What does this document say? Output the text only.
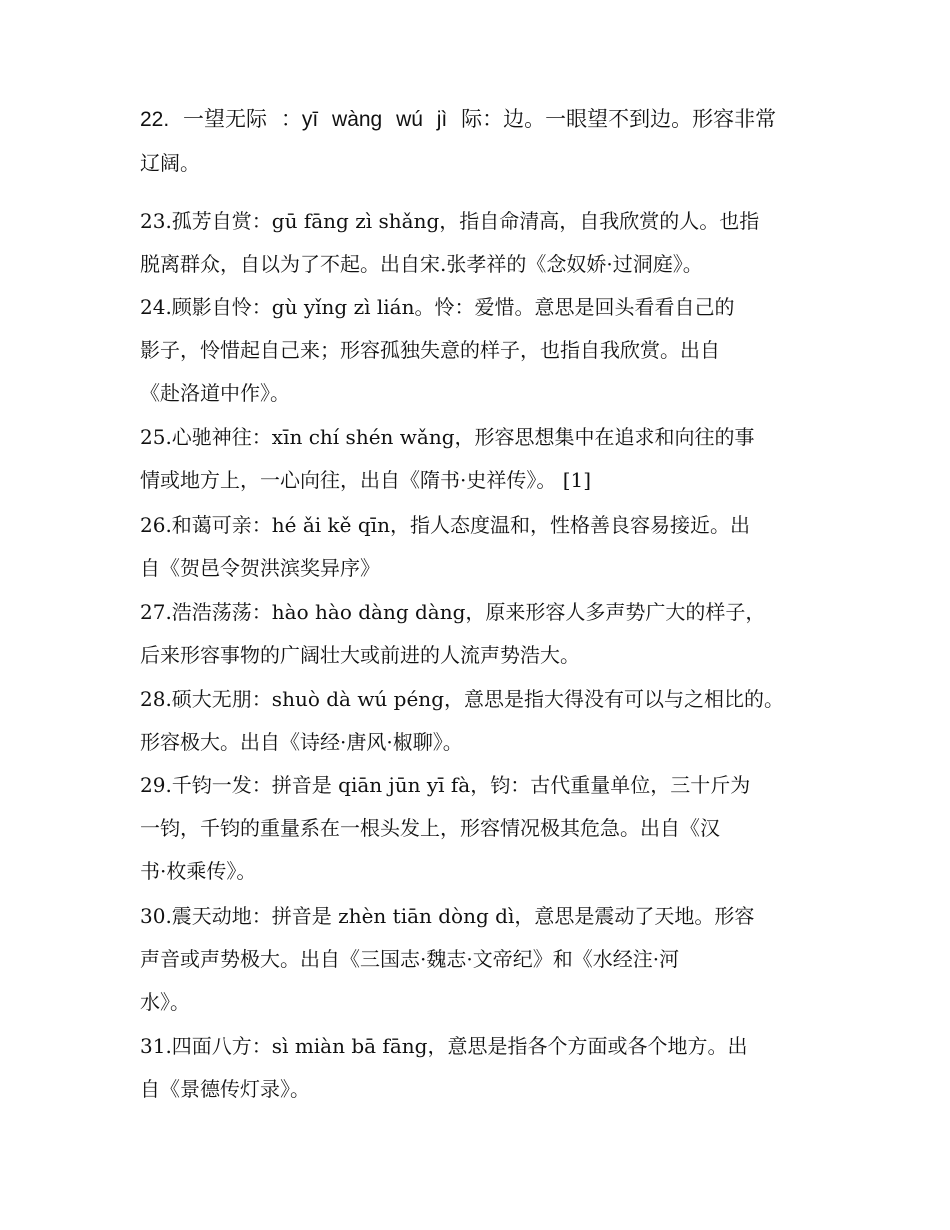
22. 一望无际 ：yī wàng wú jì 际：边。一眼望不到边。形容非常
辽阔。
23.孤芳自赏：gū fāng zì shǎng，指自命清高，自我欣赏的人。也指
脱离群众，自以为了不起。出自宋.张孝祥的《念奴娇·过洞庭》。
24.顾影自怜：gù yǐng zì lián。怜：爱惜。意思是回头看看自己的
影子，怜惜起自己来；形容孤独失意的样子，也指自我欣赏。出自
《赴洛道中作》。
25.心驰神往：xīn chí shén wǎng，形容思想集中在追求和向往的事
情或地方上，一心向往，出自《隋书·史祥传》。 [1]
26.和蔼可亲：hé ǎi kě qīn，指人态度温和，性格善良容易接近。出
自《贺邑令贺洪滨奖异序》
27.浩浩荡荡：hào hào dàng dàng，原来形容人多声势广大的样子，
后来形容事物的广阔壮大或前进的人流声势浩大。
28.硕大无朋：shuò dà wú péng，意思是指大得没有可以与之相比的。
形容极大。出自《诗经·唐风·椒聊》。
29.千钧一发：拼音是 qiān jūn yī fà，钧：古代重量单位，三十斤为
一钧，千钧的重量系在一根头发上，形容情况极其危急。出自《汉
书·枚乘传》。
30.震天动地：拼音是 zhèn tiān dòng dì，意思是震动了天地。形容
声音或声势极大。出自《三国志·魏志·文帝纪》和《水经注·河
水》。
31.四面八方：sì miàn bā fāng，意思是指各个方面或各个地方。出
自《景德传灯录》。
